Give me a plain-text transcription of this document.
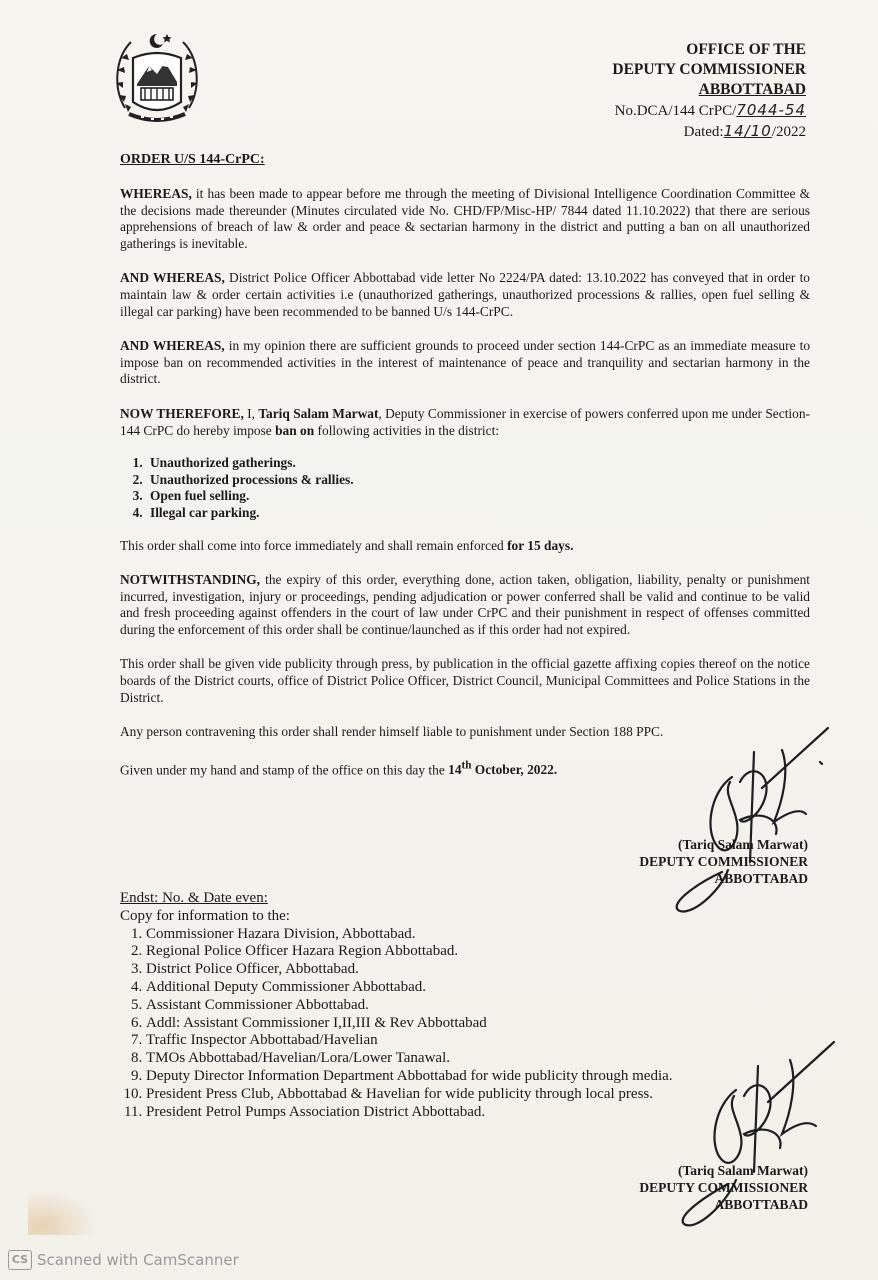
OFFICE OF THE
DEPUTY COMMISSIONER
ABBOTTABAD
No.DCA/144 CrPC/7044-54
Dated:14/10/2022
ORDER U/S 144-CrPC:

WHEREAS, it has been made to appear before me through the meeting of Divisional Intelligence Coordination Committee & the decisions made thereunder (Minutes circulated vide No. CHD/FP/Misc-HP/ 7844 dated 11.10.2022) that there are serious apprehensions of breach of law & order and peace & sectarian harmony in the district and putting a ban on all unauthorized gatherings is inevitable.

AND WHEREAS, District Police Officer Abbottabad vide letter No 2224/PA dated: 13.10.2022 has conveyed that in order to maintain law & order certain activities i.e (unauthorized gatherings, unauthorized processions & rallies, open fuel selling & illegal car parking) have been recommended to be banned U/s 144-CrPC.

AND WHEREAS, in my opinion there are sufficient grounds to proceed under section 144-CrPC as an immediate measure to impose ban on recommended activities in the interest of maintenance of peace and tranquility and sectarian harmony in the district.

NOW THEREFORE, I, Tariq Salam Marwat, Deputy Commissioner in exercise of powers conferred upon me under Section-144 CrPC do hereby impose ban on following activities in the district:

1. Unauthorized gatherings.
2. Unauthorized processions & rallies.
3. Open fuel selling.
4. Illegal car parking.

This order shall come into force immediately and shall remain enforced for 15 days.

NOTWITHSTANDING, the expiry of this order, everything done, action taken, obligation, liability, penalty or punishment incurred, investigation, injury or proceedings, pending adjudication or power conferred shall be valid and continue to be valid and fresh proceeding against offenders in the court of law under CrPC and their punishment in respect of offenses committed during the enforcement of this order shall be continue/launched as if this order had not expired.

This order shall be given vide publicity through press, by publication in the official gazette affixing copies thereof on the notice boards of the District courts, office of District Police Officer, District Council, Municipal Committees and Police Stations in the District.

Any person contravening this order shall render himself liable to punishment under Section 188 PPC.

Given under my hand and stamp of the office on this day the 14th October, 2022.

(Tariq Salam Marwat)
DEPUTY COMMISSIONER
ABBOTTABAD
Endst: No. & Date even:
Copy for information to the:
1. Commissioner Hazara Division, Abbottabad.
2. Regional Police Officer Hazara Region Abbottabad.
3. District Police Officer, Abbottabad.
4. Additional Deputy Commissioner Abbottabad.
5. Assistant Commissioner Abbottabad.
6. Addl: Assistant Commissioner I,II,III & Rev Abbottabad
7. Traffic Inspector Abbottabad/Havelian
8. TMOs Abbottabad/Havelian/Lora/Lower Tanawal.
9. Deputy Director Information Department Abbottabad for wide publicity through media.
10. President Press Club, Abbottabad & Havelian for wide publicity through local press.
11. President Petrol Pumps Association District Abbottabad.
(Tariq Salam Marwat)
DEPUTY COMMISSIONER
ABBOTTABAD
CS Scanned with CamScanner
